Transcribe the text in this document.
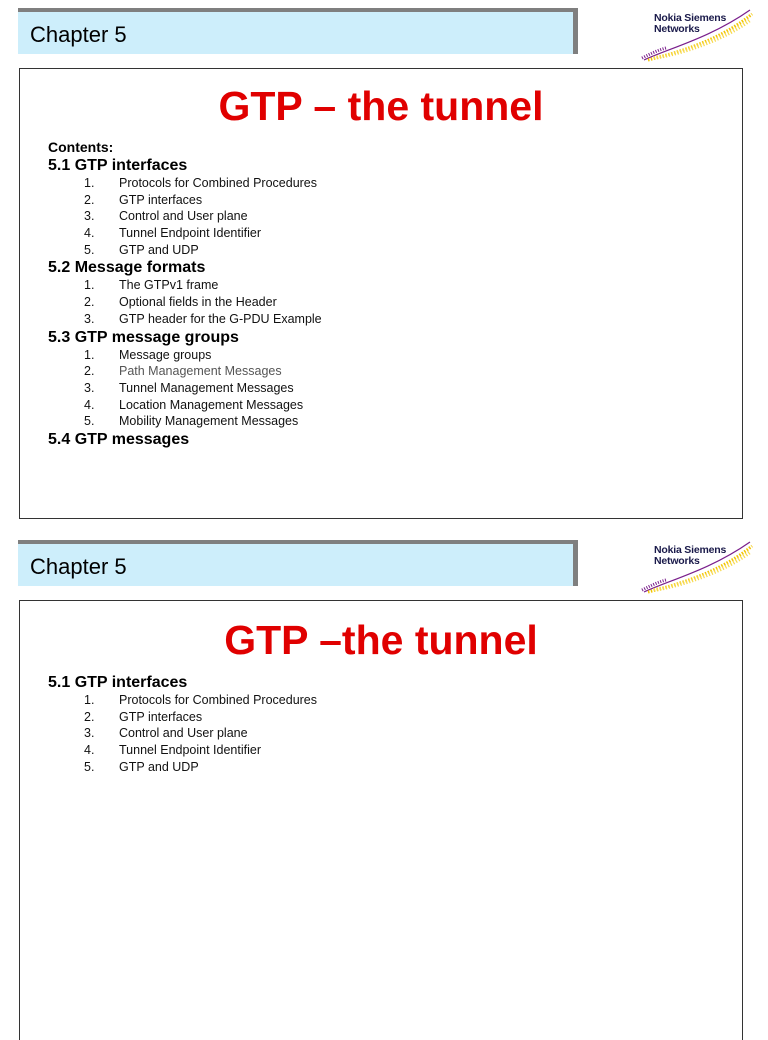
Chapter 5
Nokia Siemens
Networks
GTP – the tunnel
Contents:
5.1 GTP interfaces
1.	Protocols for Combined Procedures
2.	GTP interfaces
3.	Control and User plane
4.	Tunnel Endpoint Identifier
5.	GTP and UDP
5.2 Message formats
1.	The GTPv1 frame
2.	Optional fields in the Header
3.	GTP header for the G-PDU Example
5.3 GTP message groups
1.	Message groups
2.	Path Management Messages
3.	Tunnel Management Messages
4.	Location Management Messages
5.	Mobility Management Messages
5.4 GTP messages
Chapter 5
Nokia Siemens
Networks
GTP –the tunnel
5.1 GTP interfaces
1.	Protocols for Combined Procedures
2.	GTP interfaces
3.	Control and User plane
4.	Tunnel Endpoint Identifier
5.	GTP and UDP
